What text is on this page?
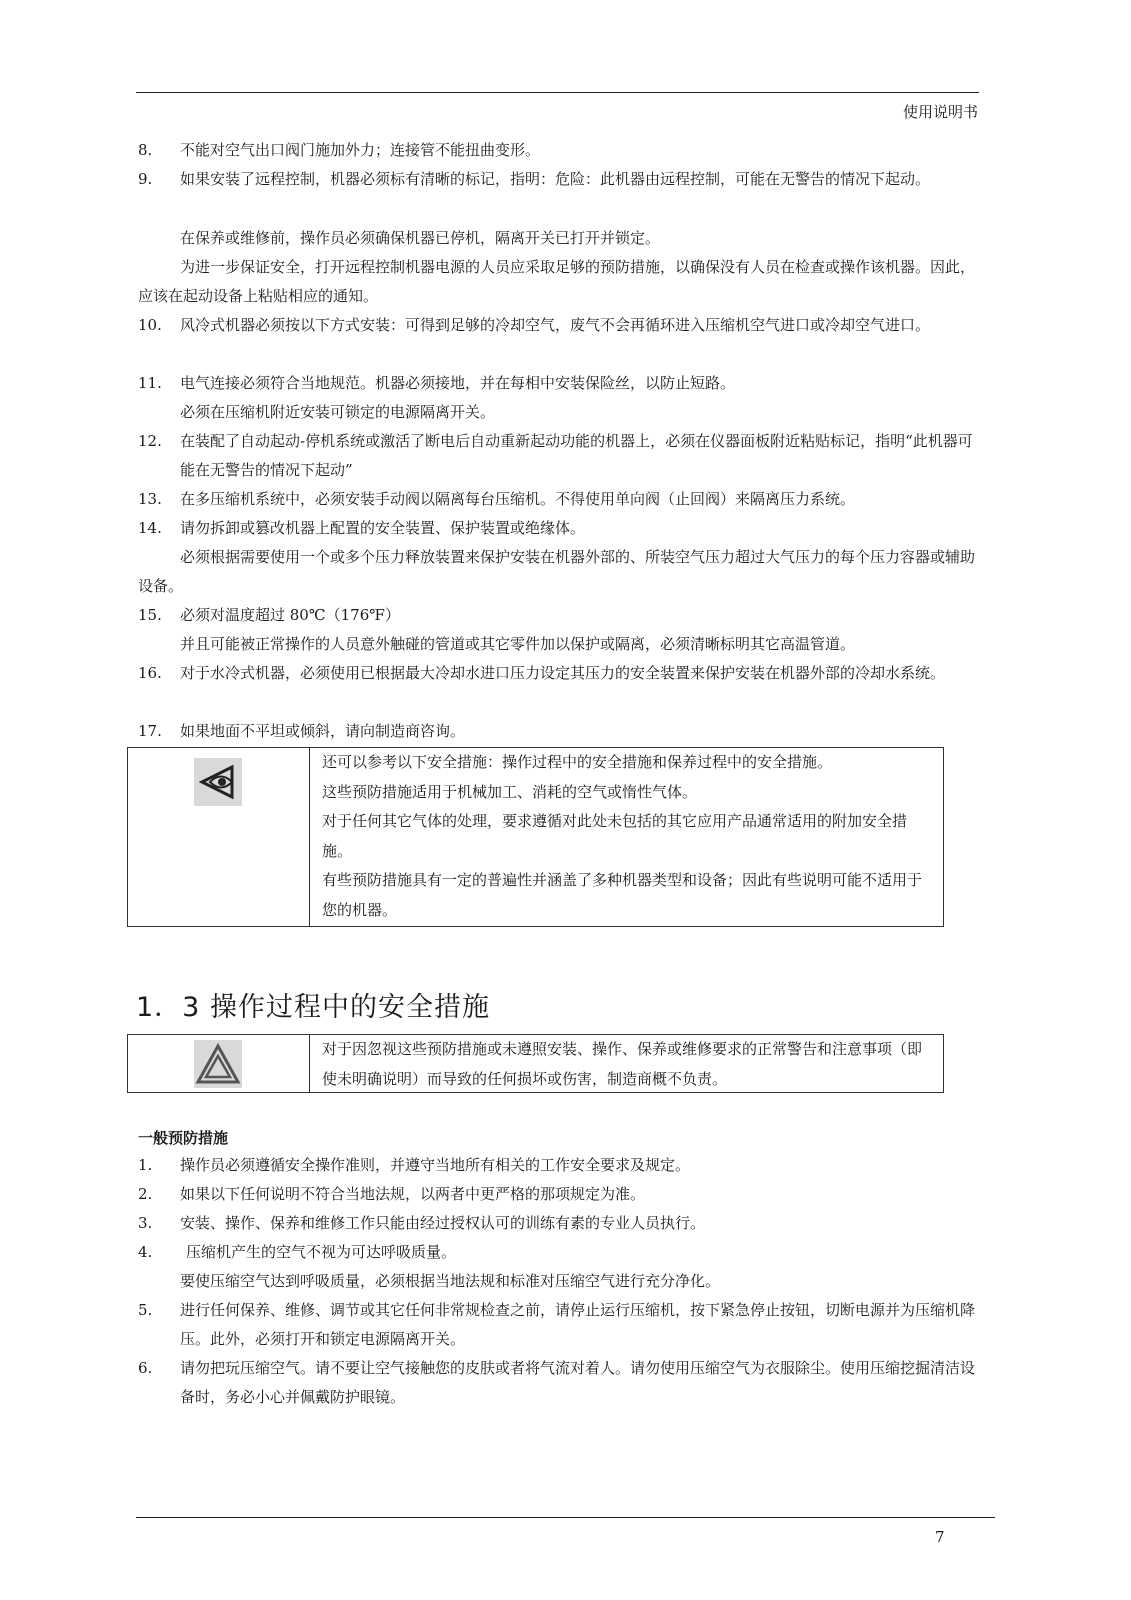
使用说明书
8. 不能对空气出口阀门施加外力；连接管不能扭曲变形。
9. 如果安装了远程控制，机器必须标有清晰的标记，指明：危险：此机器由远程控制，可能在无警告的情况下起动。
在保养或维修前，操作员必须确保机器已停机，隔离开关已打开并锁定。
为进一步保证安全，打开远程控制机器电源的人员应采取足够的预防措施，以确保没有人员在检查或操作该机器。因此，应该在起动设备上粘贴相应的通知。
10. 风冷式机器必须按以下方式安装：可得到足够的冷却空气，废气不会再循环进入压缩机空气进口或冷却空气进口。
11. 电气连接必须符合当地规范。机器必须接地，并在每相中安装保险丝，以防止短路。
必须在压缩机附近安装可锁定的电源隔离开关。
12. 在装配了自动起动-停机系统或激活了断电后自动重新起动功能的机器上，必须在仪器面板附近粘贴标记，指明“此机器可能在无警告的情况下起动”
13. 在多压缩机系统中，必须安装手动阀以隔离每台压缩机。不得使用单向阀（止回阀）来隔离压力系统。
14. 请勿拆卸或篡改机器上配置的安全装置、保护装置或绝缘体。
必须根据需要使用一个或多个压力释放装置来保护安装在机器外部的、所装空气压力超过大气压力的每个压力容器或辅助设备。
15. 必须对温度超过 80℃（176℉）
并且可能被正常操作的人员意外触碰的管道或其它零件加以保护或隔离，必须清晰标明其它高温管道。
16. 对于水冷式机器，必须使用已根据最大冷却水进口压力设定其压力的安全装置来保护安装在机器外部的冷却水系统。
17. 如果地面不平坦或倾斜，请向制造商咨询。
还可以参考以下安全措施：操作过程中的安全措施和保养过程中的安全措施。
这些预防措施适用于机械加工、消耗的空气或惰性气体。
对于任何其它气体的处理，要求遵循对此处未包括的其它应用产品通常适用的附加安全措施。
有些预防措施具有一定的普遍性并涵盖了多种机器类型和设备；因此有些说明可能不适用于您的机器。
1．3 操作过程中的安全措施
对于因忽视这些预防措施或未遵照安装、操作、保养或维修要求的正常警告和注意事项（即使未明确说明）而导致的任何损坏或伤害，制造商概不负责。
一般预防措施
1. 操作员必须遵循安全操作准则，并遵守当地所有相关的工作安全要求及规定。
2. 如果以下任何说明不符合当地法规，以两者中更严格的那项规定为准。
3. 安装、操作、保养和维修工作只能由经过授权认可的训练有素的专业人员执行。
4. 压缩机产生的空气不视为可达呼吸质量。
要使压缩空气达到呼吸质量，必须根据当地法规和标准对压缩空气进行充分净化。
5. 进行任何保养、维修、调节或其它任何非常规检查之前，请停止运行压缩机，按下紧急停止按钮，切断电源并为压缩机降压。此外，必须打开和锁定电源隔离开关。
6. 请勿把玩压缩空气。请不要让空气接触您的皮肤或者将气流对着人。请勿使用压缩空气为衣服除尘。使用压缩挖掘清洁设备时，务必小心并佩戴防护眼镜。
7
